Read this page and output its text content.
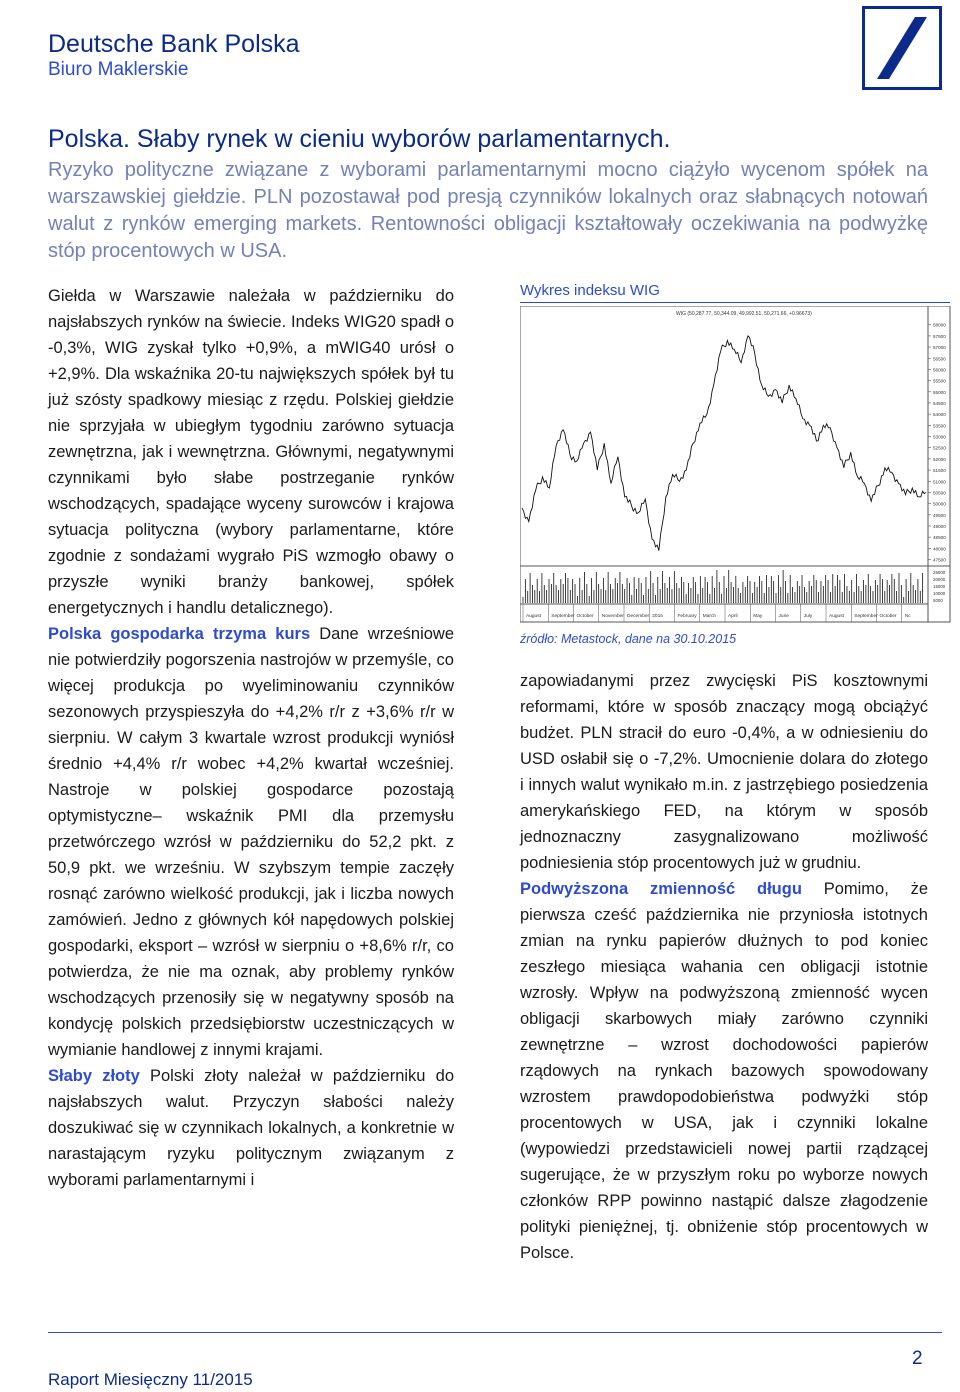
Deutsche Bank Polska
Biuro Maklerskie
Polska. Słaby rynek w cieniu wyborów parlamentarnych.
Ryzyko polityczne związane z wyborami parlamentarnymi mocno ciążyło wycenom spółek na warszawskiej giełdzie. PLN pozostawał pod presją czynników lokalnych oraz słabnących notowań walut z rynków emerging markets. Rentowności obligacji kształtowały oczekiwania na podwyżkę stóp procentowych w USA.

Giełda w Warszawie należała w październiku do najsłabszych rynków na świecie. Indeks WIG20 spadł o -0,3%, WIG zyskał tylko +0,9%, a mWIG40 urósł o +2,9%. Dla wskaźnika 20-tu największych spółek był tu już szósty spadkowy miesiąc z rzędu. Polskiej giełdzie nie sprzyjała w ubiegłym tygodniu zarówno sytuacja zewnętrzna, jak i wewnętrzna. Głównymi, negatywnymi czynnikami było słabe postrzeganie rynków wschodzących, spadające wyceny surowców i krajowa sytuacja polityczna (wybory parlamentarne, które zgodnie z sondażami wygrało PiS wzmogło obawy o przyszłe wyniki branży bankowej, spółek energetycznych i handlu detalicznego).

Polska gospodarka trzyma kurs Dane wrześniowe nie potwierdziły pogorszenia nastrojów w przemyśle, co więcej produkcja po wyeliminowaniu czynników sezonowych przyspieszyła do +4,2% r/r z +3,6% r/r w sierpniu. W całym 3 kwartale wzrost produkcji wyniósł średnio +4,4% r/r wobec +4,2% kwartał wcześniej. Nastroje w polskiej gospodarce pozostają optymistyczne– wskaźnik PMI dla przemysłu przetwórczego wzrósł w październiku do 52,2 pkt. z 50,9 pkt. we wrześniu. W szybszym tempie zaczęły rosnąć zarówno wielkość produkcji, jak i liczba nowych zamówień. Jedno z głównych kół napędowych polskiej gospodarki, eksport – wzrósł w sierpniu o +8,6% r/r, co potwierdza, że nie ma oznak, aby problemy rynków wschodzących przenosiły się w negatywny sposób na kondycję polskich przedsiębiorstw uczestniczących w wymianie handlowej z innymi krajami.

Słaby złoty Polski złoty należał w październiku do najsłabszych walut. Przyczyn słabości należy doszukiwać się w czynnikach lokalnych, a konkretnie w narastającym ryzyku politycznym związanym z wyborami parlamentarnymi i

Wykres indeksu WIG
WIG (50,287.77, 50,344.09, 49,992.51, 50,271.66, +0.96673)
58000
57500
57000
56500
56000
55500
55000
54500
54000
53500
53000
52500
52000
51500
51000
50500
50000
49500
49000
48500
48000
47500
25000
20000
15000
10000
5000
August September October November December 2015	February March April	May	June	July	August September October Nc
źródło: Metastock, dane na 30.10.2015

zapowiadanymi przez zwycięski PiS kosztownymi reformami, które w sposób znaczący mogą obciążyć budżet. PLN stracił do euro -0,4%, a w odniesieniu do USD osłabił się o -7,2%. Umocnienie dolara do złotego i innych walut wynikało m.in. z jastrzębiego posiedzenia amerykańskiego FED, na którym w sposób jednoznaczny zasygnalizowano możliwość podniesienia stóp procentowych już w grudniu.

Podwyższona zmienność długu Pomimo, że pierwsza cześć października nie przyniosła istotnych zmian na rynku papierów dłużnych to pod koniec zeszłego miesiąca wahania cen obligacji istotnie wzrosły. Wpływ na podwyższoną zmienność wycen obligacji skarbowych miały zarówno czynniki zewnętrzne – wzrost dochodowości papierów rządowych na rynkach bazowych spowodowany wzrostem prawdopodobieństwa podwyżki stóp procentowych w USA, jak i czynniki lokalne (wypowiedzi przedstawicieli nowej partii rządzącej sugerujące, że w przyszłym roku po wyborze nowych członków RPP powinno nastąpić dalsze złagodzenie polityki pieniężnej, tj. obniżenie stóp procentowych w Polsce.

Raport Miesięczny 11/2015
2
